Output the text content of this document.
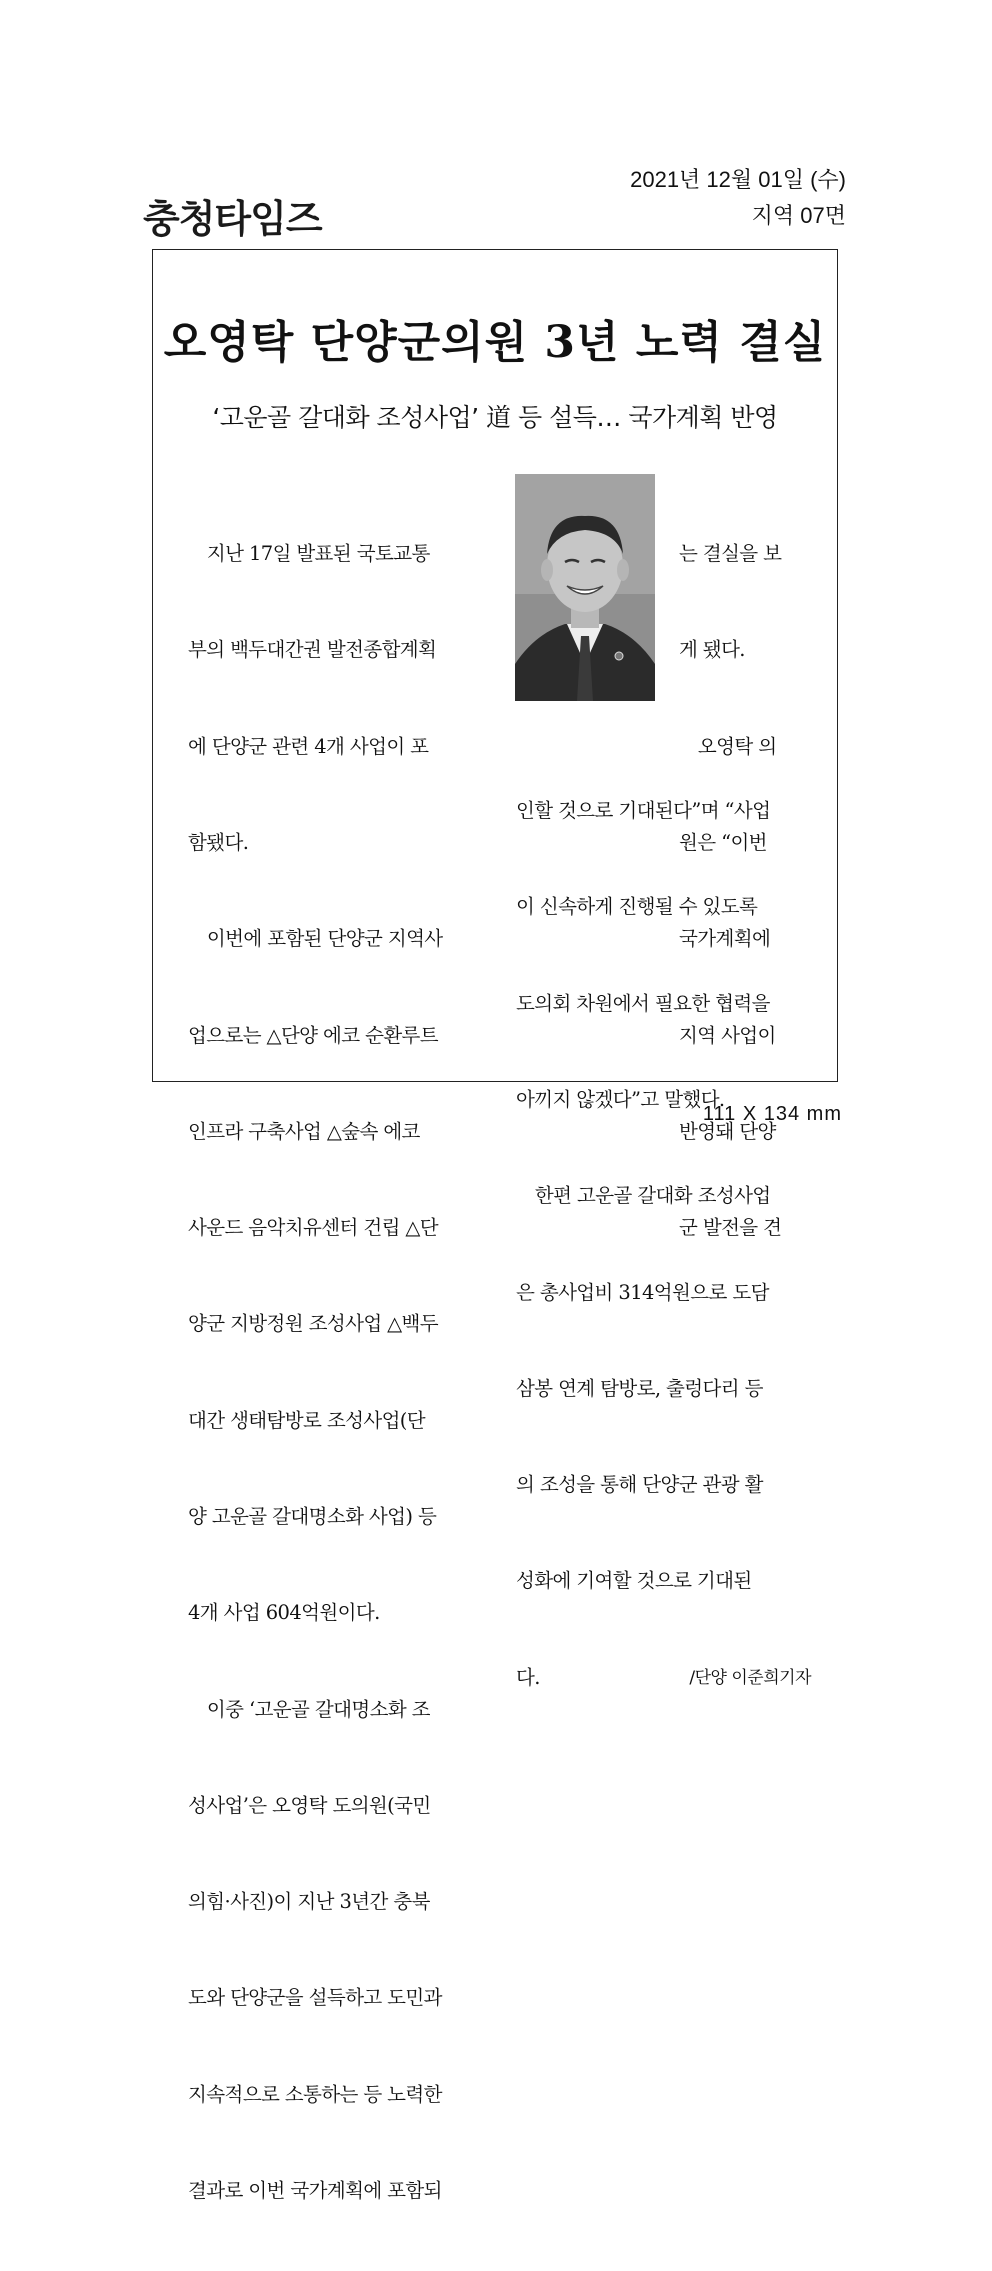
충청타임즈
2021년 12월 01일 (수)
지역 07면
오영탁 단양군의원 3년 노력 결실
‘고운골 갈대화 조성사업’ 道 등 설득… 국가계획 반영

　지난 17일 발표된 국토교통

부의 백두대간권 발전종합계획

에 단양군 관련 4개 사업이 포

함됐다.

　이번에 포함된 단양군 지역사

업으로는 △단양 에코 순환루트

인프라 구축사업 △숲속 에코

사운드 음악치유센터 건립 △단

양군 지방정원 조성사업 △백두

대간 생태탐방로 조성사업(단

양 고운골 갈대명소화 사업) 등

4개 사업 604억원이다.

　이중 ‘고운골 갈대명소화 조

성사업’은 오영탁 도의원(국민

의힘·사진)이 지난 3년간 충북

도와 단양군을 설득하고 도민과

지속적으로 소통하는 등 노력한

결과로 이번 국가계획에 포함되

는 결실을 보

게 됐다.

　오영탁 의

원은 “이번

국가계획에

지역 사업이

반영돼 단양

군 발전을 견

인할 것으로 기대된다”며 “사업

이 신속하게 진행될 수 있도록

도의회 차원에서 필요한 협력을

아끼지 않겠다”고 말했다.

　한편 고운골 갈대화 조성사업

은 총사업비 314억원으로 도담

삼봉 연계 탐방로, 출렁다리 등

의 조성을 통해 단양군 관광 활

성화에 기여할 것으로 기대된

다.	/단양 이준희기자

111 X 134 mm
